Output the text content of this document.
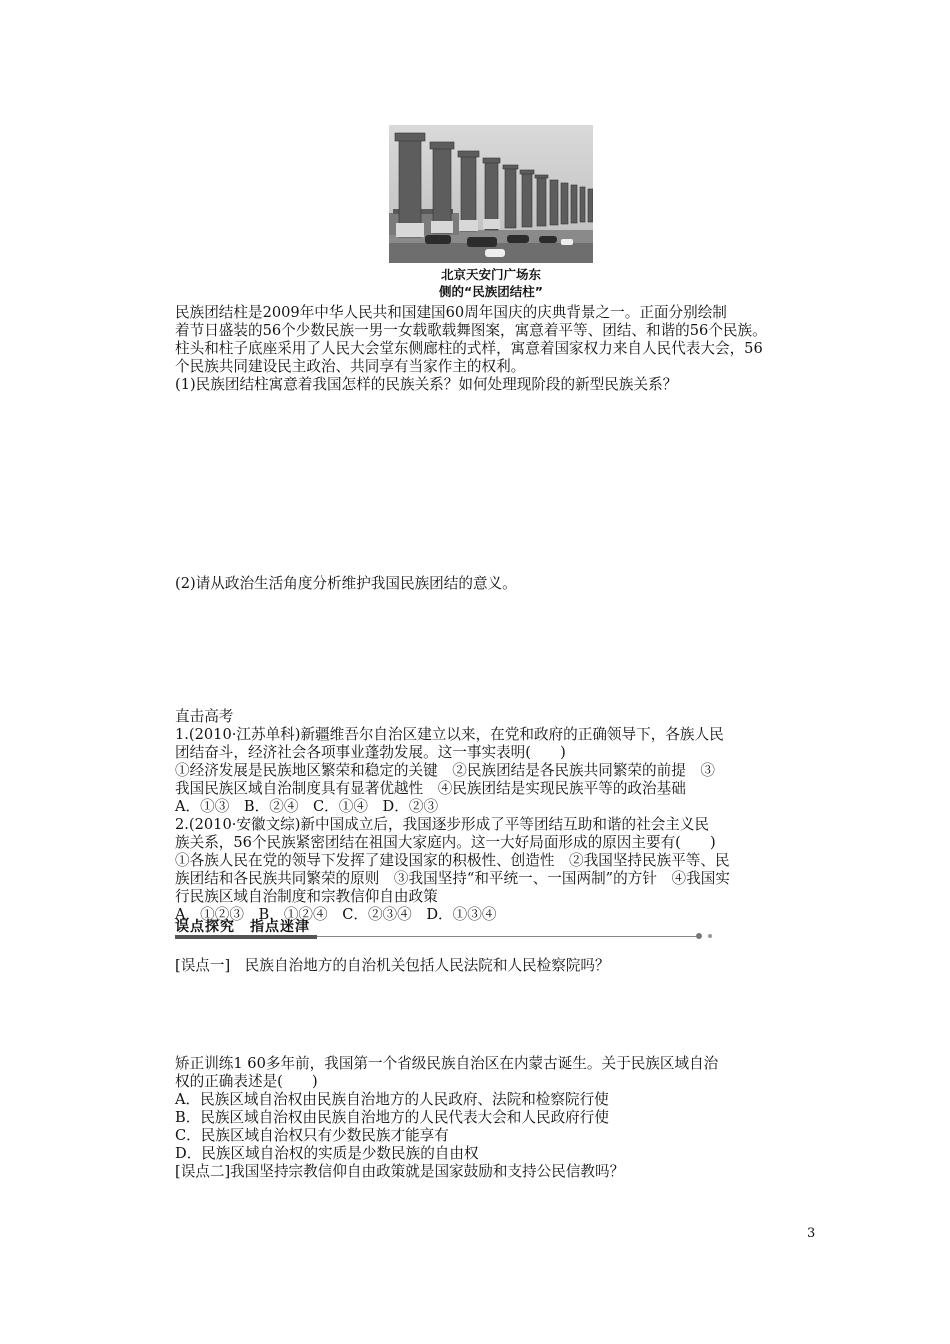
北京天安门广场东
侧的“民族团结柱”
民族团结柱是2009年中华人民共和国建国60周年国庆的庆典背景之一。正面分别绘制
着节日盛装的56个少数民族一男一女载歌载舞图案，寓意着平等、团结、和谐的56个民族。
柱头和柱子底座采用了人民大会堂东侧廊柱的式样，寓意着国家权力来自人民代表大会，56
个民族共同建设民主政治、共同享有当家作主的权利。
(1)民族团结柱寓意着我国怎样的民族关系？如何处理现阶段的新型民族关系？
(2)请从政治生活角度分析维护我国民族团结的意义。
直击高考
1.(2010·江苏单科)新疆维吾尔自治区建立以来，在党和政府的正确领导下，各族人民
团结奋斗，经济社会各项事业蓬勃发展。这一事实表明(　　)
①经济发展是民族地区繁荣和稳定的关键　②民族团结是各民族共同繁荣的前提　③
我国民族区域自治制度具有显著优越性　④民族团结是实现民族平等的政治基础
A．①③　B．②④　C．①④　D．②③
2.(2010·安徽文综)新中国成立后，我国逐步形成了平等团结互助和谐的社会主义民
族关系，56个民族紧密团结在祖国大家庭内。这一大好局面形成的原因主要有(　　)
①各族人民在党的领导下发挥了建设国家的积极性、创造性　②我国坚持民族平等、民
族团结和各民族共同繁荣的原则　③我国坚持“和平统一、一国两制”的方针　④我国实
行民族区域自治制度和宗教信仰自由政策
A．①②③　B．①②④　C．②③④　D．①③④
误点探究　指点迷津
[误点一]　民族自治地方的自治机关包括人民法院和人民检察院吗？
矫正训练1 60多年前，我国第一个省级民族自治区在内蒙古诞生。关于民族区域自治
权的正确表述是(　　)
A．民族区域自治权由民族自治地方的人民政府、法院和检察院行使
B．民族区域自治权由民族自治地方的人民代表大会和人民政府行使
C．民族区域自治权只有少数民族才能享有
D．民族区域自治权的实质是少数民族的自由权
[误点二]我国坚持宗教信仰自由政策就是国家鼓励和支持公民信教吗？
3
